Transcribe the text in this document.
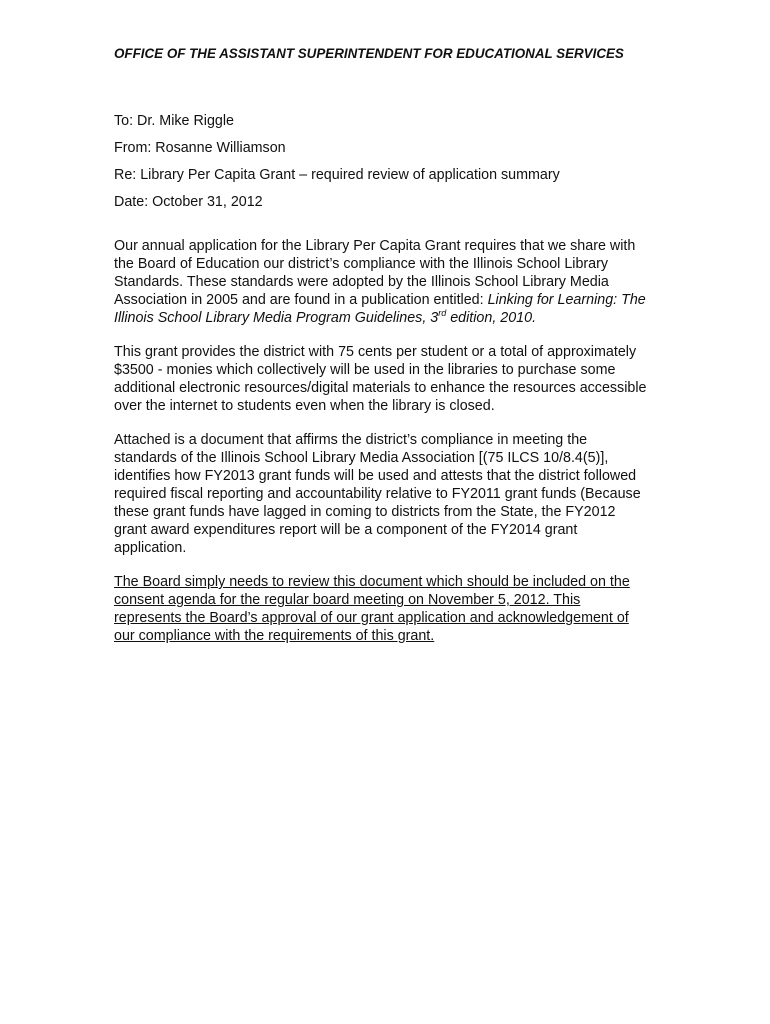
OFFICE OF THE ASSISTANT SUPERINTENDENT FOR EDUCATIONAL SERVICES
To: Dr. Mike Riggle
From: Rosanne Williamson
Re: Library Per Capita Grant – required review of application summary
Date: October 31, 2012

Our annual application for the Library Per Capita Grant requires that we share with the Board of Education our district’s compliance with the Illinois School Library Standards. These standards were adopted by the Illinois School Library Media Association in 2005 and are found in a publication entitled: Linking for Learning: The Illinois School Library Media Program Guidelines, 3rd edition, 2010.

This grant provides the district with 75 cents per student or a total of approximately $3500 - monies which collectively will be used in the libraries to purchase some additional electronic resources/digital materials to enhance the resources accessible over the internet to students even when the library is closed.

Attached is a document that affirms the district’s compliance in meeting the standards of the Illinois School Library Media Association [(75 ILCS 10/8.4(5)], identifies how FY2013 grant funds will be used and attests that the district followed required fiscal reporting and accountability relative to FY2011 grant funds (Because these grant funds have lagged in coming to districts from the State, the FY2012 grant award expenditures report will be a component of the FY2014 grant application.

The Board simply needs to review this document which should be included on the consent agenda for the regular board meeting on November 5, 2012. This represents the Board’s approval of our grant application and acknowledgement of our compliance with the requirements of this grant.
